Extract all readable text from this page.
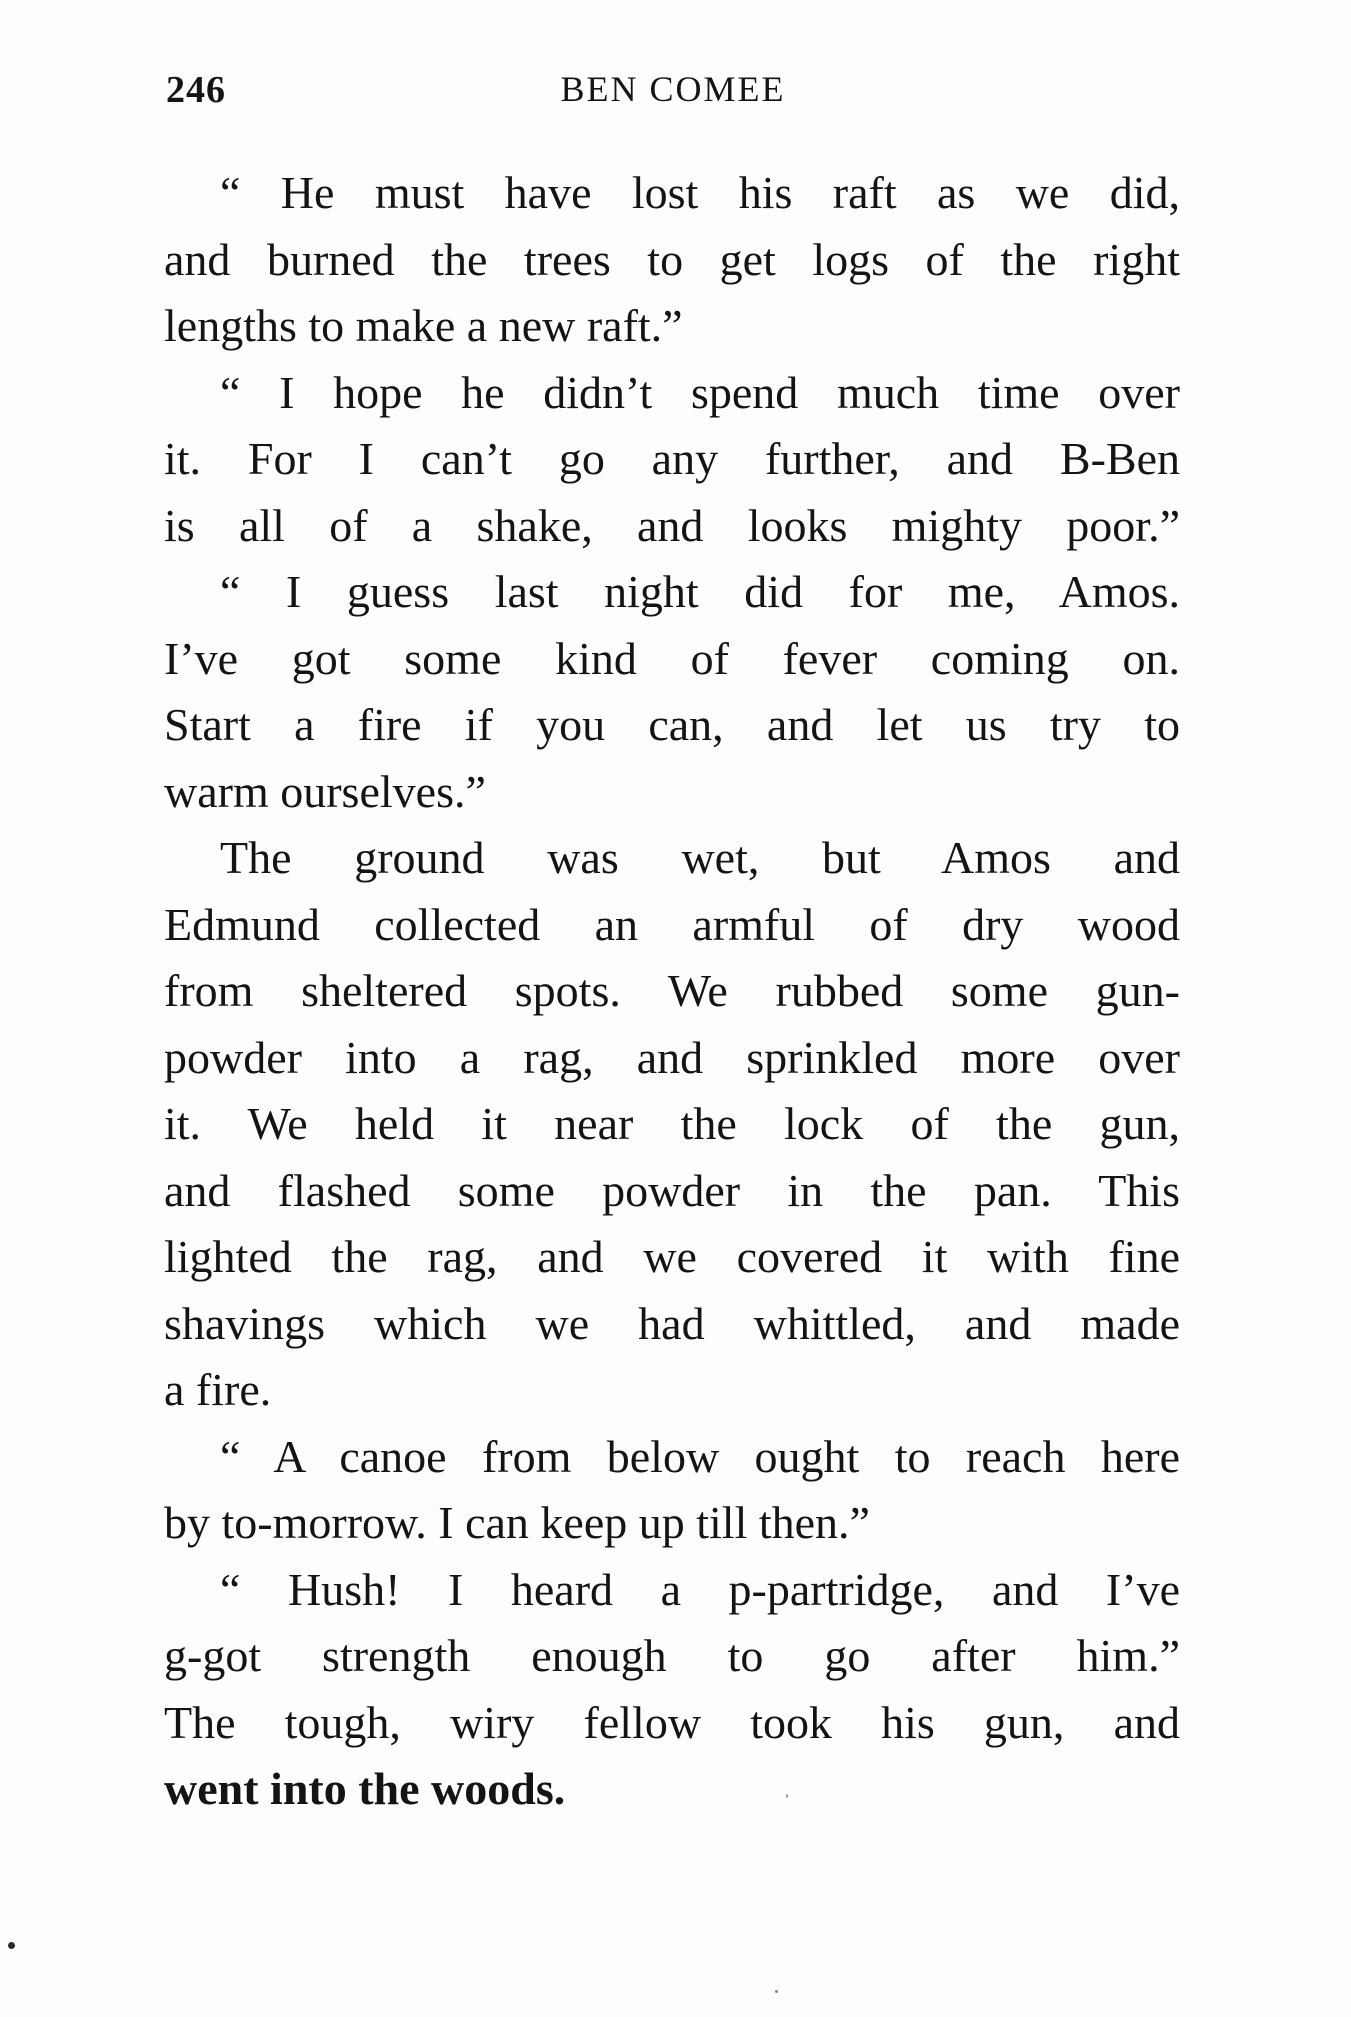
246	BEN COMEE
“ He must have lost his raft as we did,
and burned the trees to get logs of the right
lengths to make a new raft.”
“ I hope he didn’t spend much time over
it. For I can’t go any further, and B-Ben
is all of a shake, and looks mighty poor.”
“ I guess last night did for me, Amos.
I’ve got some kind of fever coming on.
Start a fire if you can, and let us try to
warm ourselves.”
The ground was wet, but Amos and
Edmund collected an armful of dry wood
from sheltered spots. We rubbed some gun-
powder into a rag, and sprinkled more over
it. We held it near the lock of the gun,
and flashed some powder in the pan. This
lighted the rag, and we covered it with fine
shavings which we had whittled, and made
a fire.
“ A canoe from below ought to reach here
by to-morrow. I can keep up till then.”
“ Hush! I heard a p-partridge, and I’ve
g-got strength enough to go after him.”
The tough, wiry fellow took his gun, and
went into the woods.
